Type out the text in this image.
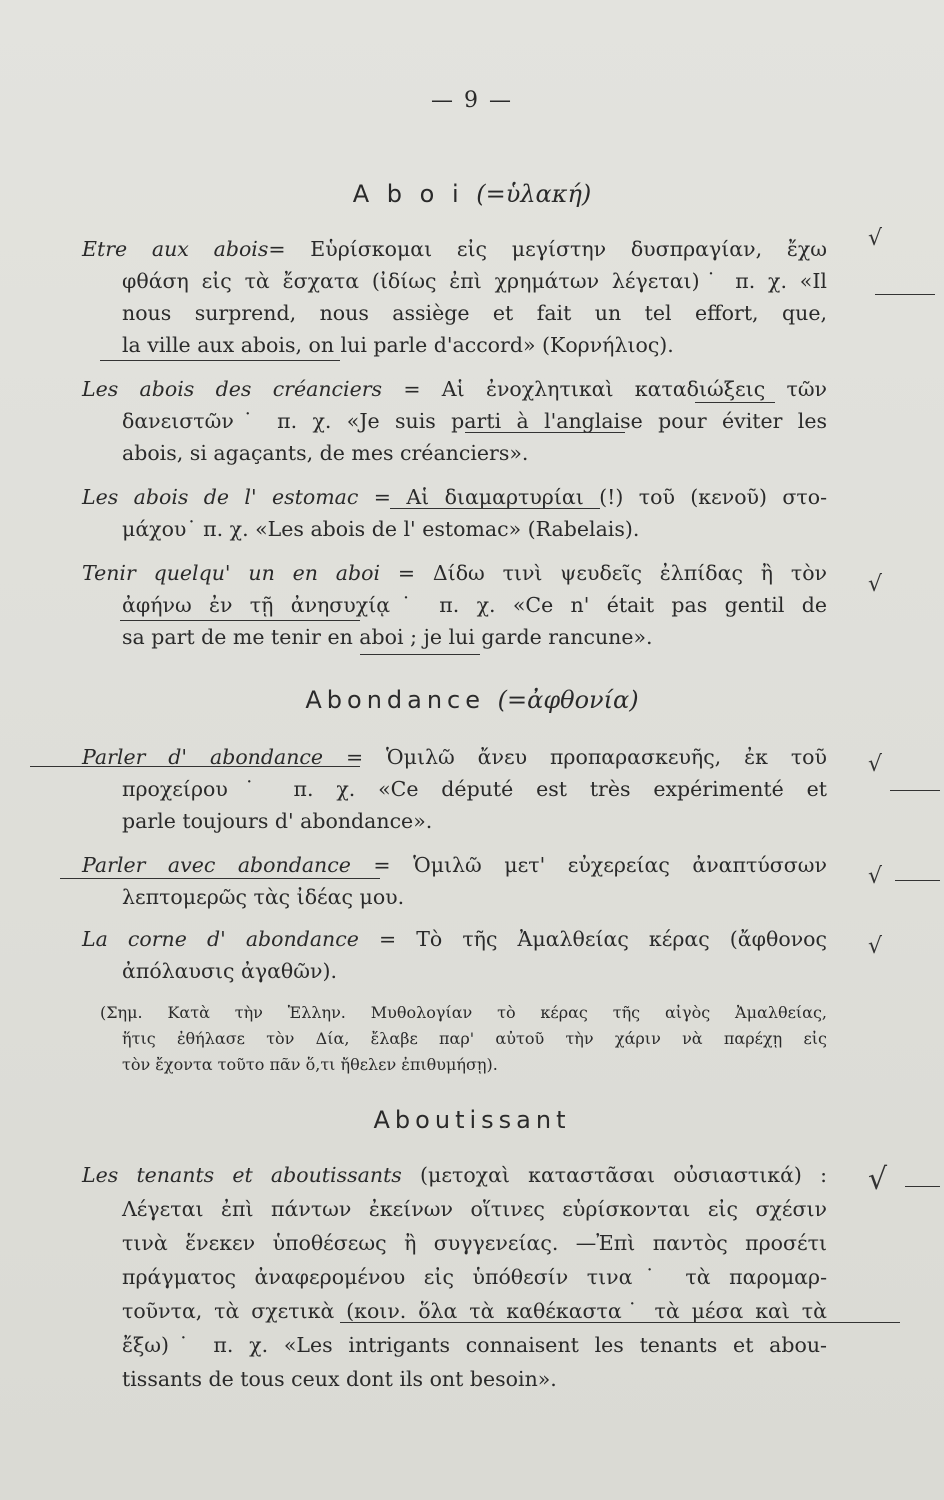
— 9 —
A b o i (=ὑλακή)
Etre aux abois= Εὑρίσκομαι εἰς μεγίστην δυσπραγίαν, ἔχω
φθάση εἰς τὰ ἔσχατα (ἰδίως ἐπὶ χρημάτων λέγεται)˙ π. χ. «Il
nous surprend, nous assiège et fait un tel effort, que,
la ville aux abois, on lui parle d'accord» (Κορνήλιος).
Les abois des créanciers = Αἱ ἐνοχλητικαὶ καταδιώξεις τῶν
δανειστῶν˙ π. χ. «Je suis parti à l'anglaise pour éviter les
abois, si agaçants, de mes créanciers».
Les abois de l' estomac = Αἱ διαμαρτυρίαι (!) τοῦ (κενοῦ) στο-
μάχου˙ π. χ. «Les abois de l' estomac» (Rabelais).
Tenir quelqu' un en aboi = Δίδω τινὶ ψευδεῖς ἐλπίδας ἢ τὸν
ἀφήνω ἐν τῇ ἀνησυχίᾳ˙ π. χ. «Ce n' était pas gentil de
sa part de me tenir en aboi ; je lui garde rancune».
Abondance (=ἀφθονία)
Parler d' abondance = Ὁμιλῶ ἄνευ προπαρασκευῆς, ἐκ τοῦ
προχείρου˙ π. χ. «Ce député est très expérimenté et
parle toujours d' abondance».
Parler avec abondance = Ὁμιλῶ μετ' εὐχερείας ἀναπτύσσων
λεπτομερῶς τὰς ἰδέας μου.
La corne d' abondance = Τὸ τῆς Ἀμαλθείας κέρας (ἄφθονος
ἀπόλαυσις ἀγαθῶν).
(Σημ. Κατὰ τὴν Ἑλλην. Μυθολογίαν τὸ κέρας τῆς αἰγὸς Ἀμαλθείας,
ἥτις ἐθήλασε τὸν Δία, ἔλαβε παρ' αὐτοῦ τὴν χάριν νὰ παρέχῃ εἰς
τὸν ἔχοντα τοῦτο πᾶν ὅ,τι ἤθελεν ἐπιθυμήσῃ).
Aboutissant
Les tenants et aboutissants (μετοχαὶ καταστᾶσαι οὐσιαστικά) :
Λέγεται ἐπὶ πάντων ἐκείνων οἵτινες εὑρίσκονται εἰς σχέσιν
τινὰ ἕνεκεν ὑποθέσεως ἢ συγγενείας. —Ἐπὶ παντὸς προσέτι
πράγματος ἀναφερομένου εἰς ὑπόθεσίν τινα˙ τὰ παρομαρ-
τοῦντα, τὰ σχετικὰ (κοιν. ὅλα τὰ καθέκαστα˙ τὰ μέσα καὶ τὰ
ἔξω)˙ π. χ. «Les intrigants connaisent les tenants et abou-
tissants de tous ceux dont ils ont besoin».
√
√
√
√
√
√
